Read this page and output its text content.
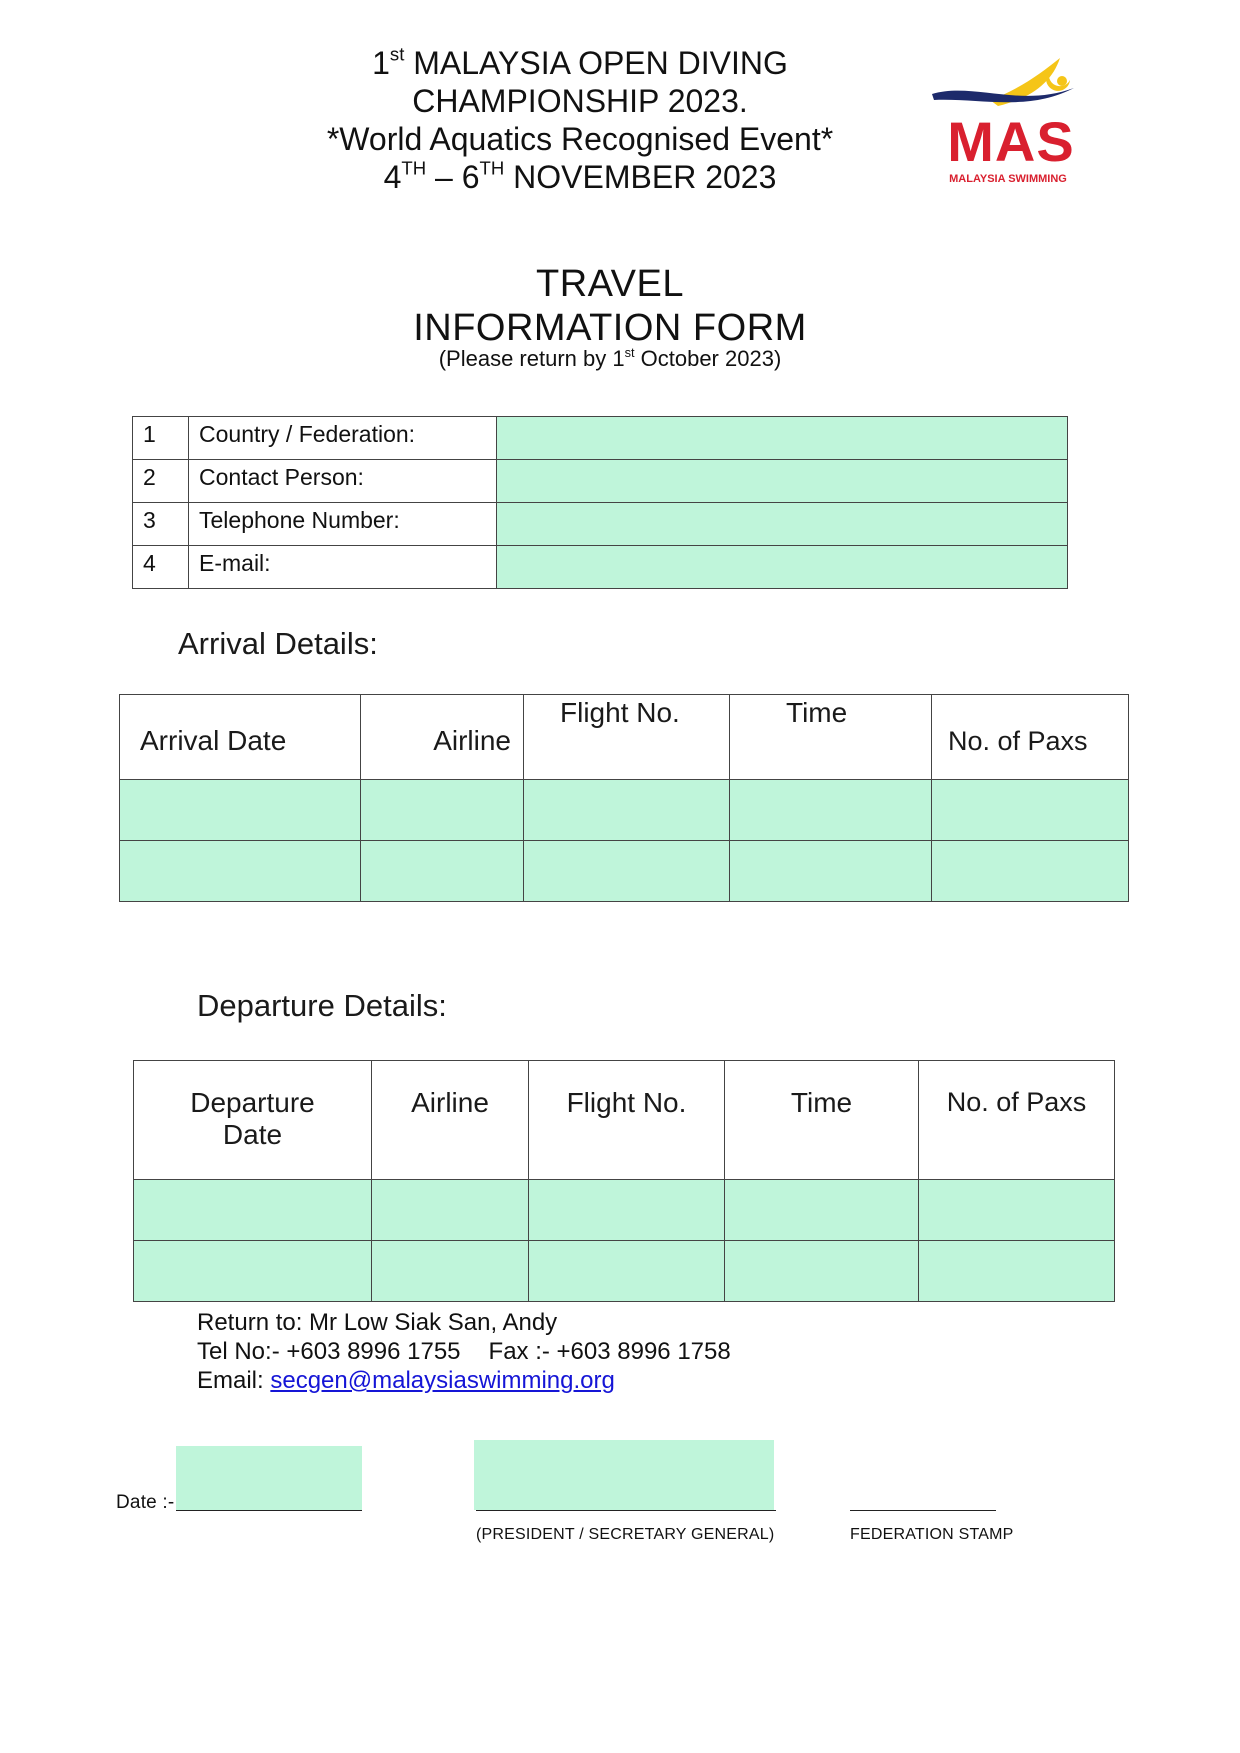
1st MALAYSIA OPEN DIVING
CHAMPIONSHIP 2023.
*World Aquatics Recognised Event*
4TH – 6TH NOVEMBER 2023
MAS
MALAYSIA SWIMMING
TRAVEL
INFORMATION FORM
(Please return by 1st October 2023)
1	Country / Federation:	
2	Contact Person:	
3	Telephone Number:	
4	E-mail:	
Arrival Details:
Arrival Date	Airline	Flight No.	Time	No. of Paxs

Departure Details:
Departure
Date	Airline	Flight No.	Time	No. of Paxs

Return to: Mr Low Siak San, Andy
Tel No:- +603 8996 1755 Fax :- +603 8996 1758
Email: secgen@malaysiaswimming.org
Date :-
(PRESIDENT / SECRETARY GENERAL)	FEDERATION STAMP
